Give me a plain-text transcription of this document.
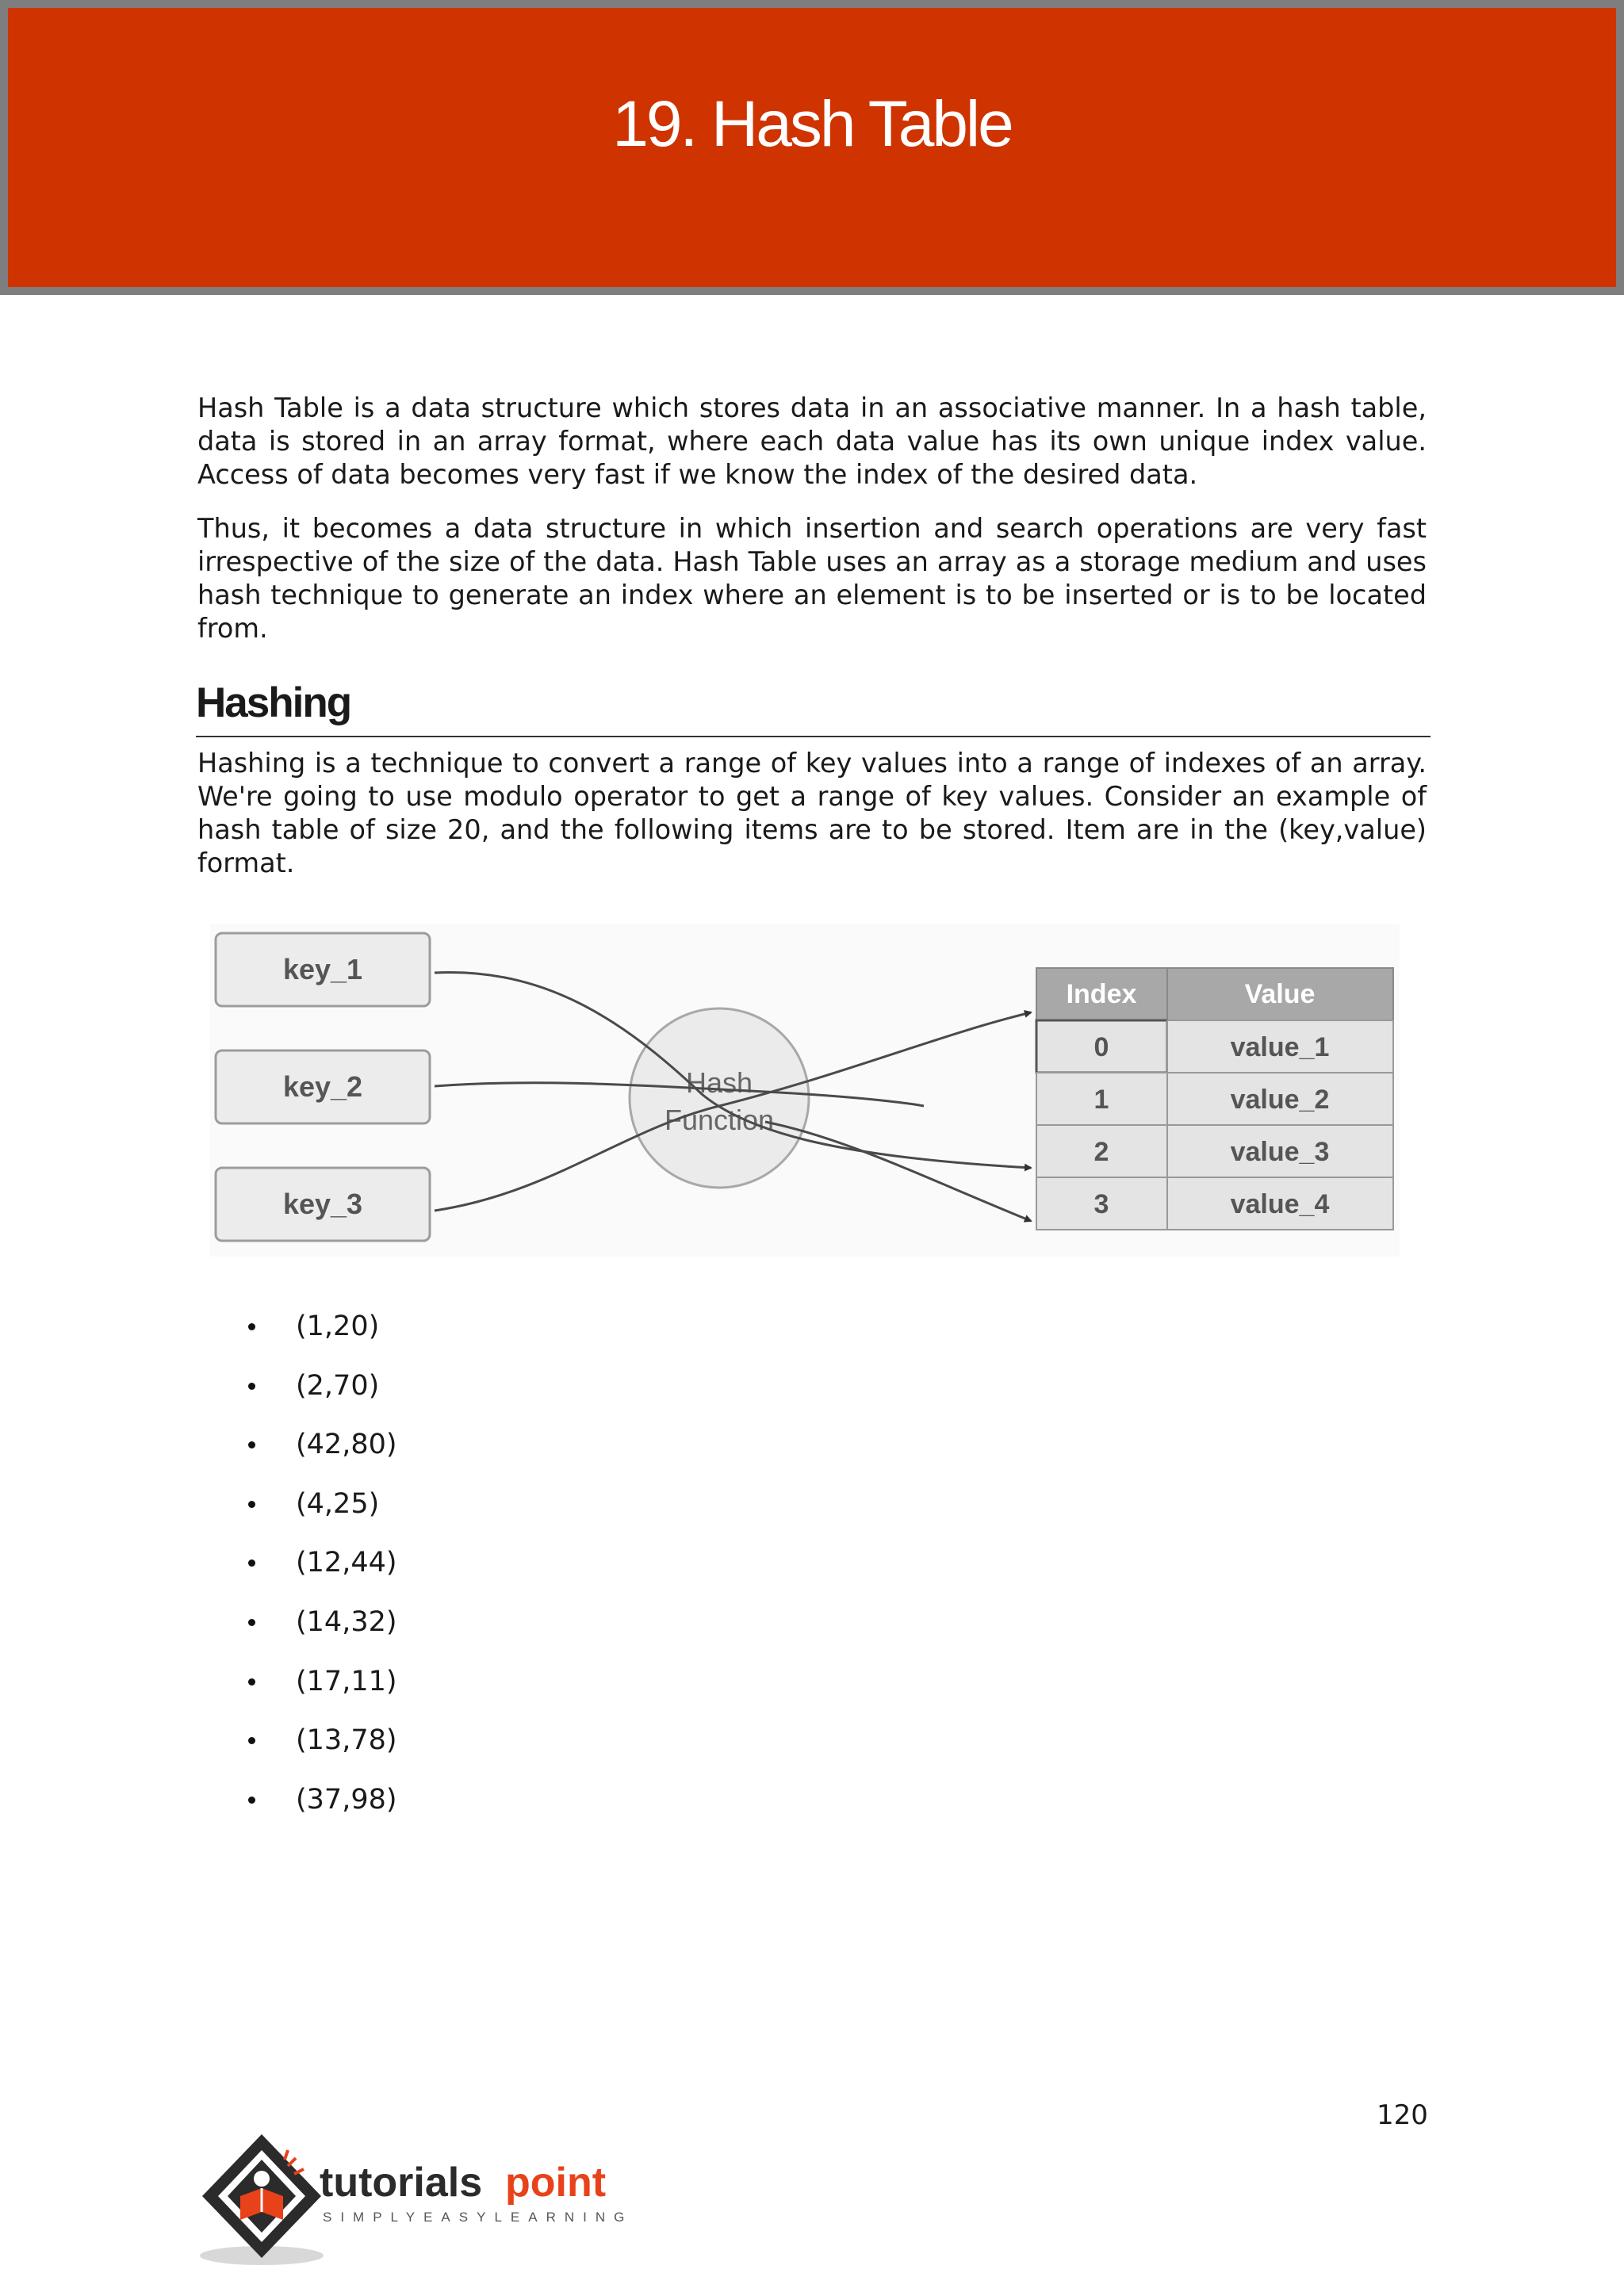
19. Hash Table

Hash Table is a data structure which stores data in an associative manner. In a hash table, data is stored in an array format, where each data value has its own unique index value. Access of data becomes very fast if we know the index of the desired data.

Thus, it becomes a data structure in which insertion and search operations are very fast irrespective of the size of the data. Hash Table uses an array as a storage medium and uses hash technique to generate an index where an element is to be inserted or is to be located from.

Hashing

Hashing is a technique to convert a range of key values into a range of indexes of an array. We're going to use modulo operator to get a range of key values. Consider an example of hash table of size 20, and the following items are to be stored. Item are in the (key,value) format.

key_1
key_2
key_3
Hash
Function
Index	Value
0	value_1
1	value_2
2	value_3
3	value_4
(1,20)
(2,70)
(42,80)
(4,25)
(12,44)
(14,32)
(17,11)
(13,78)
(37,98)
120
tutorials point
SIMPLYEASYLEARNING
